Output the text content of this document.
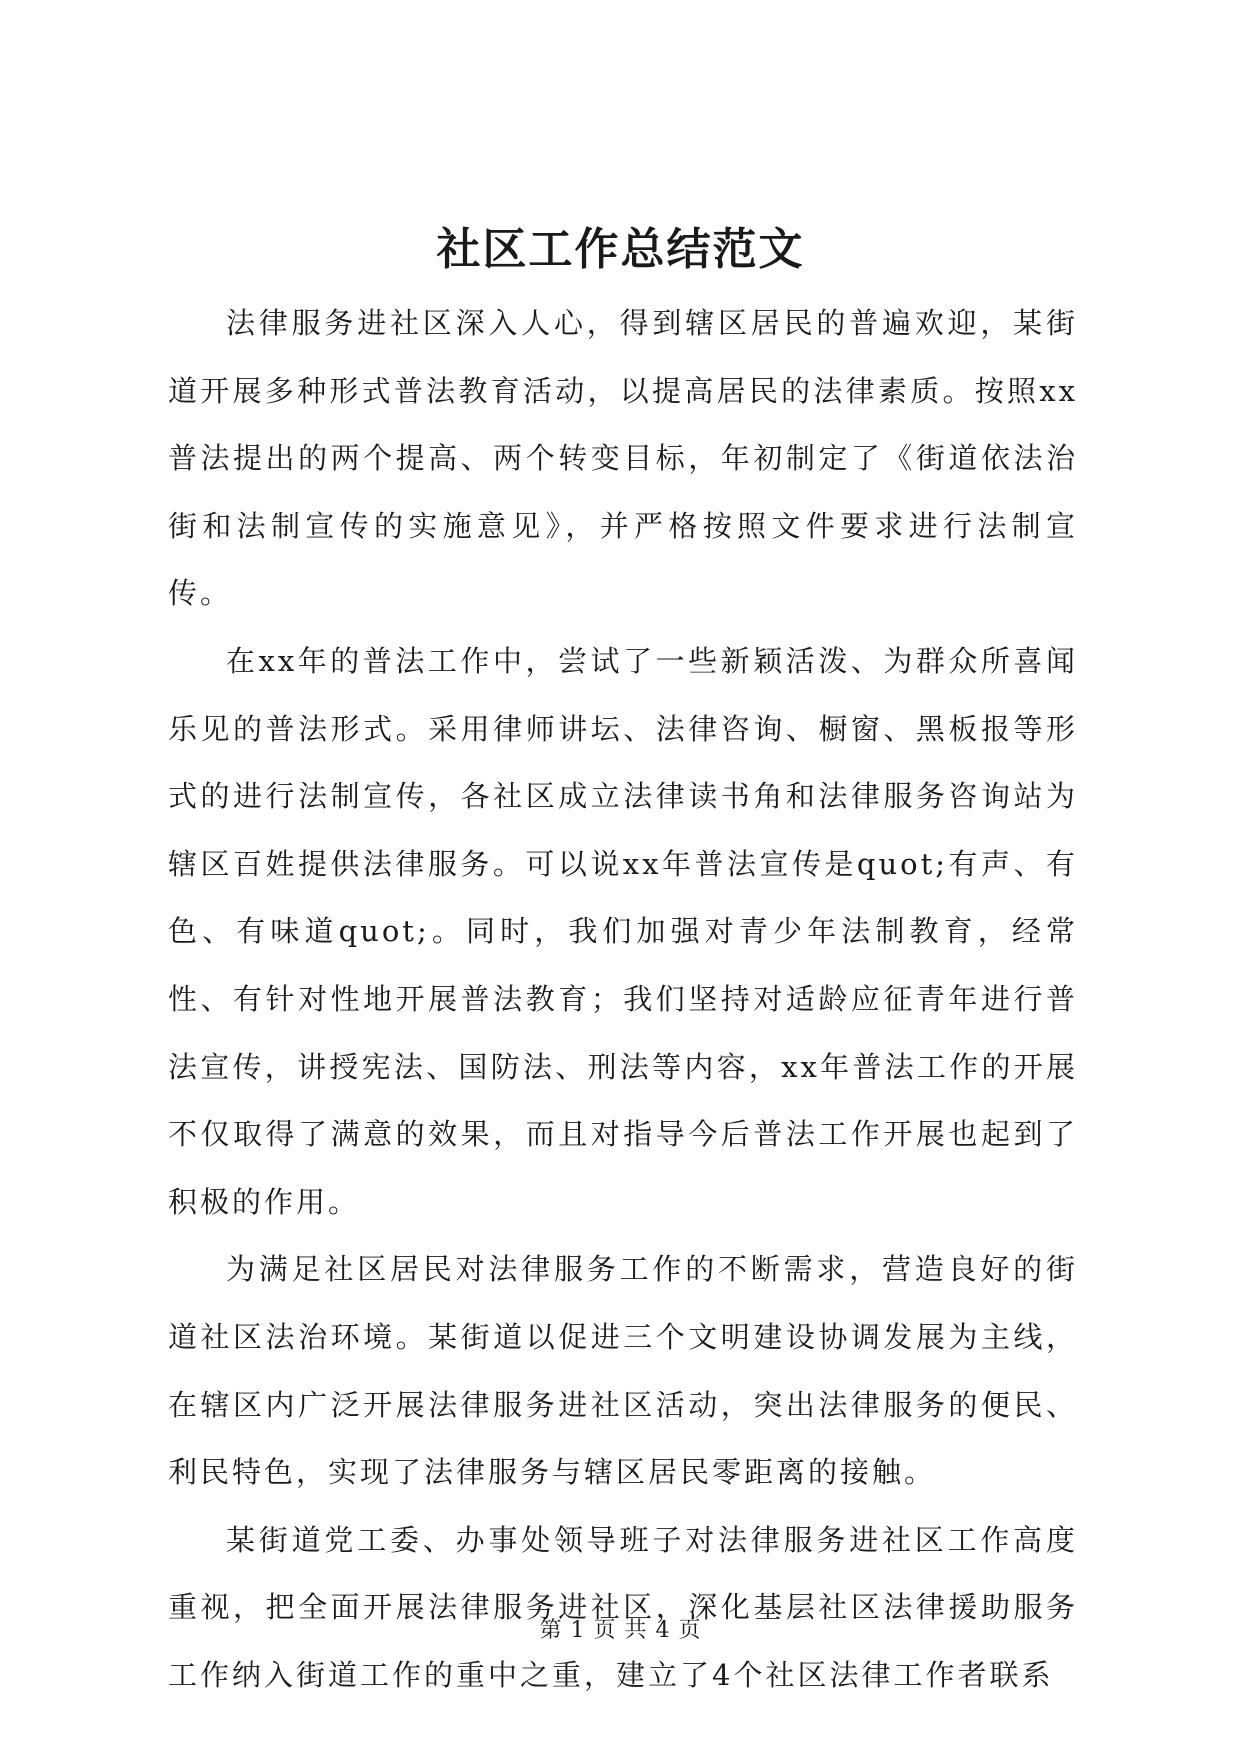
社区工作总结范文

法律服务进社区深入人心，得到辖区居民的普遍欢迎，某街道开展多种形式普法教育活动，以提高居民的法律素质。按照xx普法提出的两个提高、两个转变目标，年初制定了《街道依法治街和法制宣传的实施意见》，并严格按照文件要求进行法制宣传。

在xx年的普法工作中，尝试了一些新颖活泼、为群众所喜闻乐见的普法形式。采用律师讲坛、法律咨询、橱窗、黑板报等形式的进行法制宣传，各社区成立法律读书角和法律服务咨询站为辖区百姓提供法律服务。可以说xx年普法宣传是quot;有声、有色、有味道quot;。同时，我们加强对青少年法制教育，经常性、有针对性地开展普法教育；我们坚持对适龄应征青年进行普法宣传，讲授宪法、国防法、刑法等内容，xx年普法工作的开展不仅取得了满意的效果，而且对指导今后普法工作开展也起到了积极的作用。

为满足社区居民对法律服务工作的不断需求，营造良好的街道社区法治环境。某街道以促进三个文明建设协调发展为主线，在辖区内广泛开展法律服务进社区活动，突出法律服务的便民、利民特色，实现了法律服务与辖区居民零距离的接触。

某街道党工委、办事处领导班子对法律服务进社区工作高度重视，把全面开展法律服务进社区，深化基层社区法律援助服务工作纳入街道工作的重中之重，建立了4个社区法律工作者联系

第 1 页 共 4 页
